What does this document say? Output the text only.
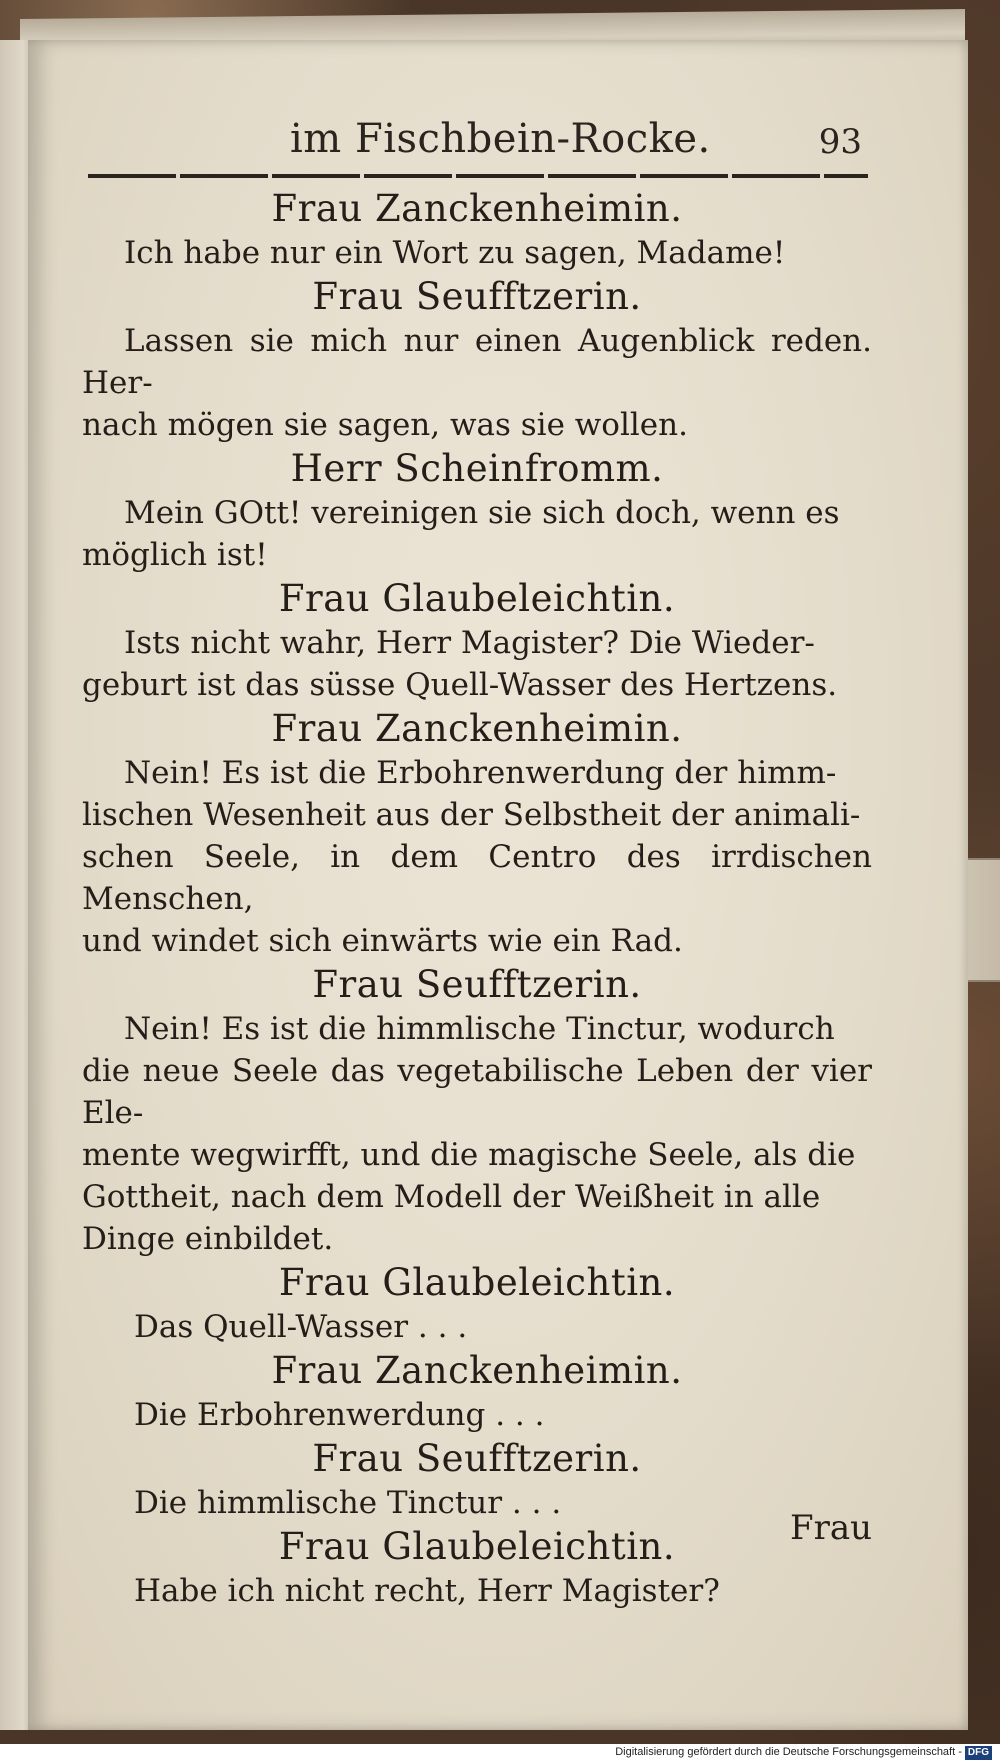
im Fischbein-Rocke.	93
Frau Zanckenheimin.
Ich habe nur ein Wort zu sagen, Madame!
Frau Seufftzerin.
Lassen sie mich nur einen Augenblick reden. Her-
nach mögen sie sagen, was sie wollen.
Herr Scheinfromm.
Mein GOtt! vereinigen sie sich doch, wenn es
möglich ist!
Frau Glaubeleichtin.
Ists nicht wahr, Herr Magister? Die Wieder-
geburt ist das süsse Quell-Wasser des Hertzens.
Frau Zanckenheimin.
Nein! Es ist die Erbohrenwerdung der himm-
lischen Wesenheit aus der Selbstheit der animali-
schen Seele, in dem Centro des irrdischen Menschen,
und windet sich einwärts wie ein Rad.
Frau Seufftzerin.
Nein! Es ist die himmlische Tinctur, wodurch
die neue Seele das vegetabilische Leben der vier Ele-
mente wegwirfft, und die magische Seele, als die
Gottheit, nach dem Modell der Weißheit in alle
Dinge einbildet.
Frau Glaubeleichtin.
Das Quell-Wasser . . .
Frau Zanckenheimin.
Die Erbohrenwerdung . . .
Frau Seufftzerin.
Die himmlische Tinctur . . .
Frau Glaubeleichtin.
Habe ich nicht recht, Herr Magister?
Frau
Digitalisierung gefördert durch die Deutsche Forschungsgemeinschaft - DFG
